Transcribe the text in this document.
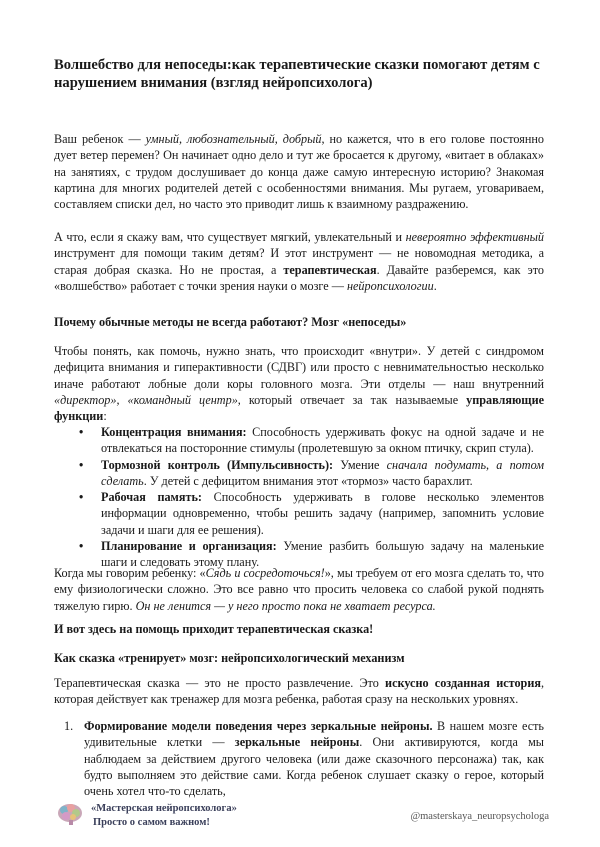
Волшебство для непоседы:как терапевтические сказки помогают детям с нарушением внимания (взгляд нейропсихолога)

Ваш ребенок — умный, любознательный, добрый, но кажется, что в его голове постоянно дует ветер перемен? Он начинает одно дело и тут же бросается к другому, «витает в облаках» на занятиях, с трудом дослушивает до конца даже самую интересную историю? Знакомая картина для многих родителей детей с особенностями внимания. Мы ругаем, уговариваем, составляем списки дел, но часто это приводит лишь к взаимному раздражению.

А что, если я скажу вам, что существует мягкий, увлекательный и невероятно эффективный инструмент для помощи таким детям? И этот инструмент — не новомодная методика, а старая добрая сказка. Но не простая, а терапевтическая. Давайте разберемся, как это «волшебство» работает с точки зрения науки о мозге — нейропсихологии.

Почему обычные методы не всегда работают? Мозг «непоседы»

Чтобы понять, как помочь, нужно знать, что происходит «внутри». У детей с синдромом дефицита внимания и гиперактивности (СДВГ) или просто с невнимательностью несколько иначе работают лобные доли коры головного мозга. Эти отделы — наш внутренний «директор», «командный центр», который отвечает за так называемые управляющие функции:

• Концентрация внимания: Способность удерживать фокус на одной задаче и не отвлекаться на посторонние стимулы (пролетевшую за окном птичку, скрип стула).
• Тормозной контроль (Импульсивность): Умение сначала подумать, а потом сделать. У детей с дефицитом внимания этот «тормоз» часто барахлит.
• Рабочая память: Способность удерживать в голове несколько элементов информации одновременно, чтобы решить задачу (например, запомнить условие задачи и шаги для ее решения).
• Планирование и организация: Умение разбить большую задачу на маленькие шаги и следовать этому плану.

Когда мы говорим ребенку: «Сядь и сосредоточься!», мы требуем от его мозга сделать то, что ему физиологически сложно. Это все равно что просить человека со слабой рукой поднять тяжелую гирю. Он не ленится — у него просто пока не хватает ресурса.

И вот здесь на помощь приходит терапевтическая сказка!

Как сказка «тренирует» мозг: нейропсихологический механизм

Терапевтическая сказка — это не просто развлечение. Это искусно созданная история, которая действует как тренажер для мозга ребенка, работая сразу на нескольких уровнях.

1. Формирование модели поведения через зеркальные нейроны. В нашем мозге есть удивительные клетки — зеркальные нейроны. Они активируются, когда мы наблюдаем за действием другого человека (или даже сказочного персонажа) так, как будто выполняем это действие сами. Когда ребенок слушает сказку о герое, который очень хотел что-то сделать,
«Мастерская нейропсихолога»
Просто о самом важном!
@masterskaya_neuropsychologa
